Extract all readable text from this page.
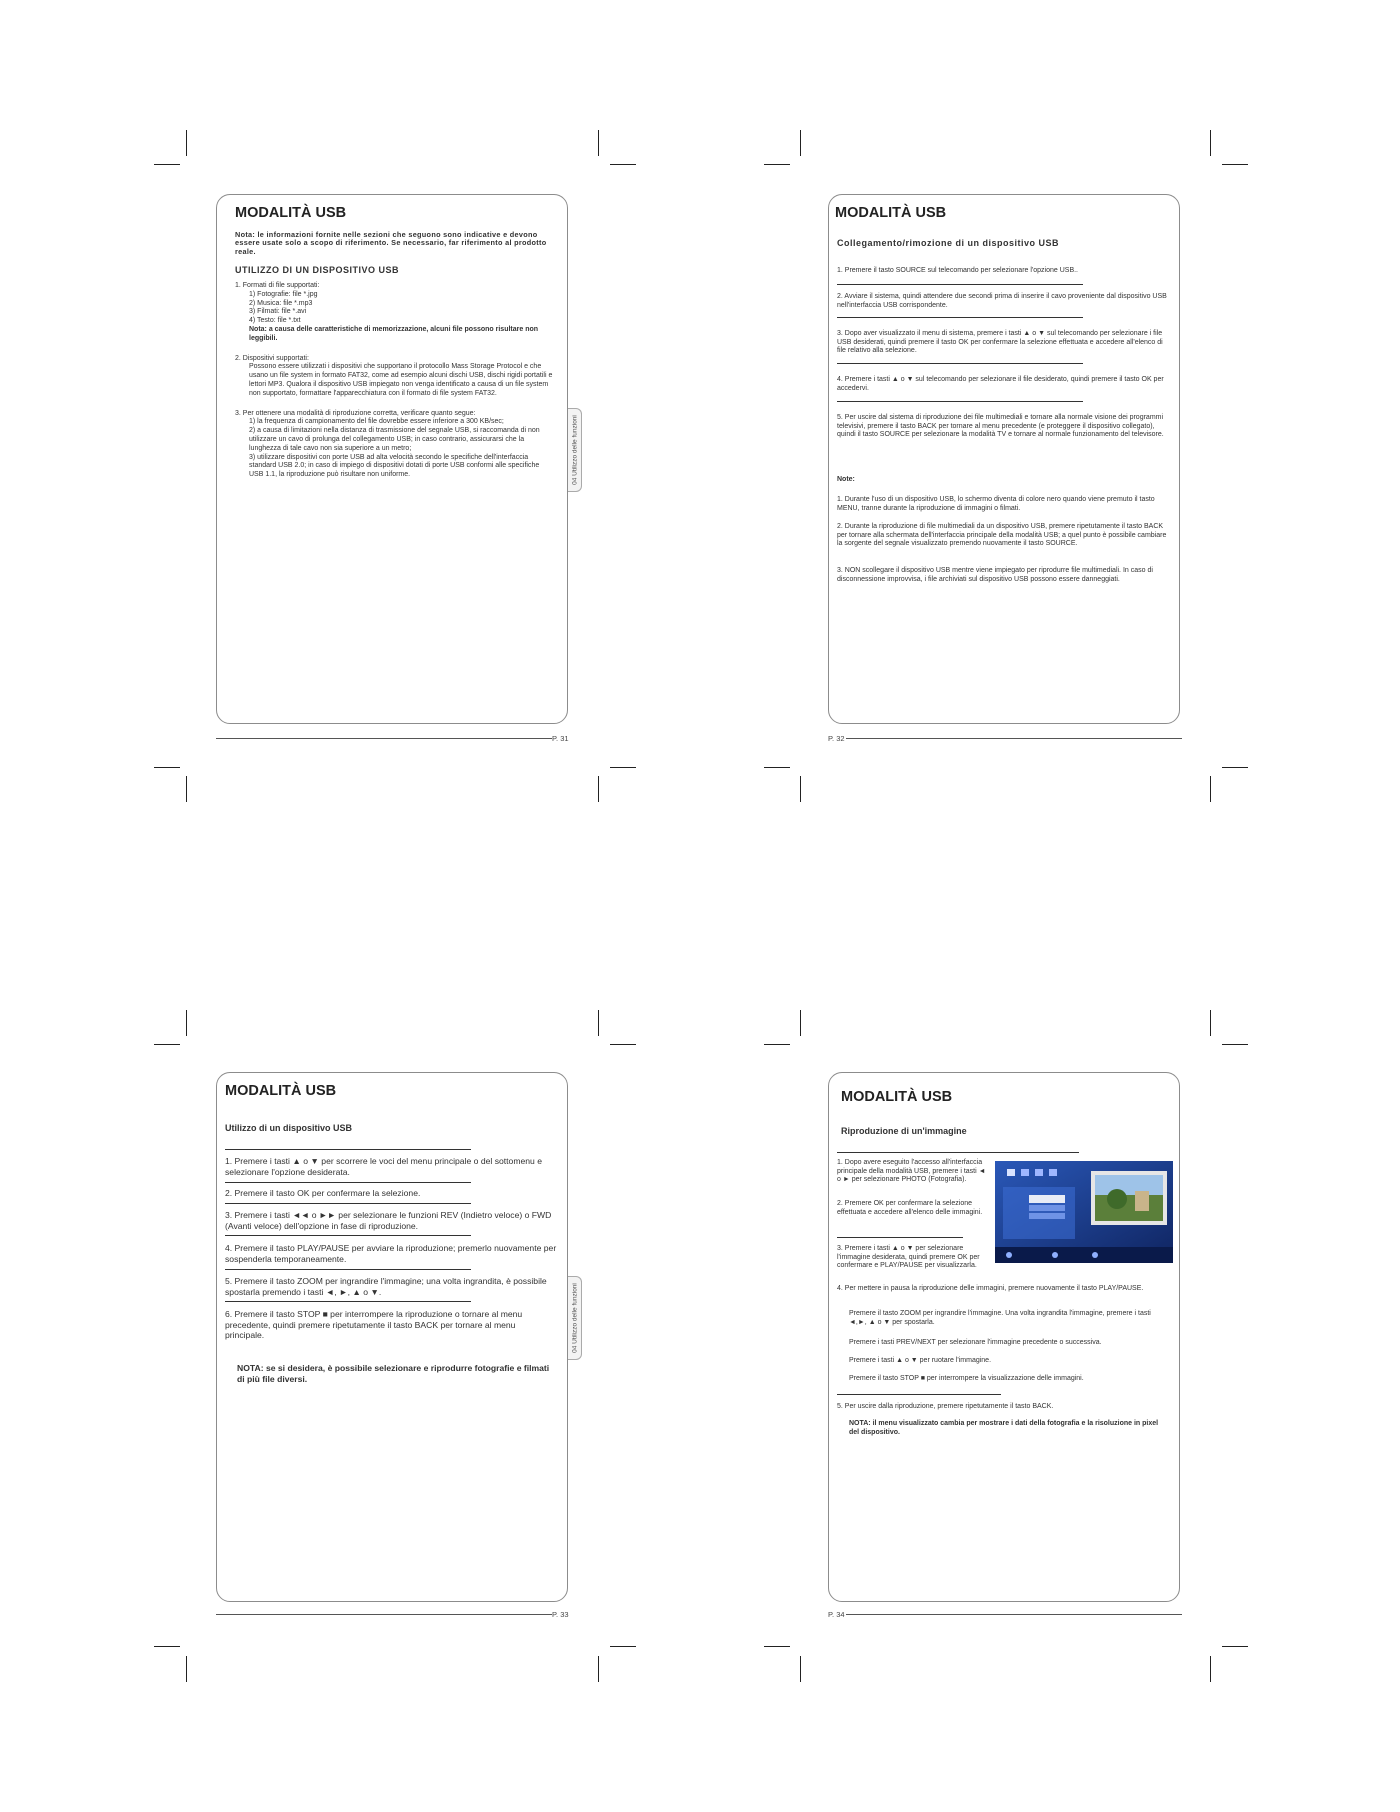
MODALITÀ USB
Nota: le informazioni fornite nelle sezioni che seguono sono indicative e devono essere usate solo a scopo di riferimento. Se necessario, far riferimento al prodotto reale.
UTILIZZO DI UN DISPOSITIVO USB
1. Formati di file supportati:
1) Fotografie: file *.jpg
2) Musica: file *.mp3
3) Filmati: file *.avi
4) Testo: file *.txt
Nota: a causa delle caratteristiche di memorizzazione, alcuni file possono risultare non leggibili.
2. Dispositivi supportati:
Possono essere utilizzati i dispositivi che supportano il protocollo Mass Storage Protocol e che usano un file system in formato FAT32, come ad esempio alcuni dischi USB, dischi rigidi portatili e lettori MP3. Qualora il dispositivo USB impiegato non venga identificato a causa di un file system non supportato, formattare l'apparecchiatura con il formato di file system FAT32.
3. Per ottenere una modalità di riproduzione corretta, verificare quanto segue:
1) la frequenza di campionamento del file dovrebbe essere inferiore a 300 KB/sec;
2) a causa di limitazioni nella distanza di trasmissione del segnale USB, si raccomanda di non utilizzare un cavo di prolunga del collegamento USB; in caso contrario, assicurarsi che la lunghezza di tale cavo non sia superiore a un metro;
3) utilizzare dispositivi con porte USB ad alta velocità secondo le specifiche dell'interfaccia standard USB 2.0; in caso di impiego di dispositivi dotati di porte USB conformi alle specifiche USB 1.1, la riproduzione può risultare non uniforme.	04 Utilizzo delle funzioni
P. 31
MODALITÀ USB
Collegamento/rimozione di un dispositivo USB
1. Premere il tasto SOURCE sul telecomando per selezionare l'opzione USB..
2. Avviare il sistema, quindi attendere due secondi prima di inserire il cavo proveniente dal dispositivo USB nell'interfaccia USB corrispondente.
3. Dopo aver visualizzato il menu di sistema, premere i tasti ▲ o ▼ sul telecomando per selezionare i file USB desiderati, quindi premere il tasto OK per confermare la selezione effettuata e accedere all'elenco di file relativo alla selezione.
4. Premere i tasti ▲ o ▼ sul telecomando per selezionare il file desiderato, quindi premere il tasto OK per accedervi.
5. Per uscire dal sistema di riproduzione dei file multimediali e tornare alla normale visione dei programmi televisivi, premere il tasto BACK per tornare al menu precedente (e proteggere il dispositivo collegato), quindi il tasto SOURCE per selezionare la modalità TV e tornare al normale funzionamento del televisore.
Note:
1. Durante l'uso di un dispositivo USB, lo schermo diventa di colore nero quando viene premuto il tasto MENU, tranne durante la riproduzione di immagini o filmati.
2. Durante la riproduzione di file multimediali da un dispositivo USB, premere ripetutamente il tasto BACK per tornare alla schermata dell'interfaccia principale della modalità USB; a quel punto è possibile cambiare la sorgente del segnale visualizzato premendo nuovamente il tasto SOURCE.
3. NON scollegare il dispositivo USB mentre viene impiegato per riprodurre file multimediali. In caso di disconnessione improvvisa, i file archiviati sul dispositivo USB possono essere danneggiati.
P. 32
MODALITÀ USB
Utilizzo di un dispositivo USB
1. Premere i tasti ▲ o ▼ per scorrere le voci del menu principale o del sottomenu e selezionare l'opzione desiderata.
2. Premere il tasto OK per confermare la selezione.
3. Premere i tasti ◄◄ o ►► per selezionare le funzioni REV (Indietro veloce) o FWD (Avanti veloce) dell'opzione in fase di riproduzione.
4. Premere il tasto PLAY/PAUSE per avviare la riproduzione; premerlo nuovamente per sospenderla temporaneamente.
5. Premere il tasto ZOOM per ingrandire l'immagine; una volta ingrandita, è possibile spostarla premendo i tasti ◄, ►, ▲ o ▼.
6. Premere il tasto STOP ■ per interrompere la riproduzione o tornare al menu precedente, quindi premere ripetutamente il tasto BACK per tornare al menu principale.
NOTA: se si desidera, è possibile selezionare e riprodurre fotografie e filmati di più file diversi.
04 Utilizzo delle funzioni
P. 33
MODALITÀ USB
Riproduzione di un'immagine
1. Dopo avere eseguito l'accesso all'interfaccia principale della modalità USB, premere i tasti ◄ o ► per selezionare PHOTO (Fotografia).
2. Premere OK per confermare la selezione effettuata e accedere all'elenco delle immagini.
3. Premere i tasti ▲ o ▼ per selezionare l'immagine desiderata, quindi premere OK per confermare e PLAY/PAUSE per visualizzarla.
4. Per mettere in pausa la riproduzione delle immagini, premere nuovamente il tasto PLAY/PAUSE.
Premere il tasto ZOOM per ingrandire l'immagine. Una volta ingrandita l'immagine, premere i tasti ◄,►, ▲ o ▼ per spostarla.
Premere i tasti PREV/NEXT per selezionare l'immagine precedente o successiva.
Premere i tasti ▲ o ▼ per ruotare l'immagine.
Premere il tasto STOP ■ per interrompere la visualizzazione delle immagini.
5. Per uscire dalla riproduzione, premere ripetutamente il tasto BACK.
NOTA: il menu visualizzato cambia per mostrare i dati della fotografia e la risoluzione in pixel del dispositivo.
P. 34
